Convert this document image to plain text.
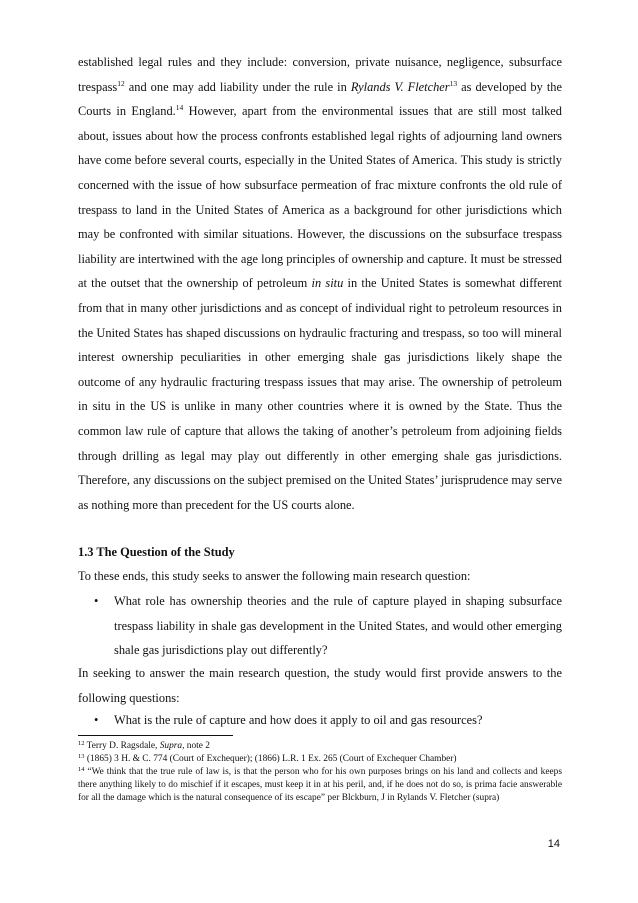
established legal rules and they include: conversion, private nuisance, negligence, subsurface trespass$^{12}$ and one may add liability under the rule in Rylands V. Fletcher$^{13}$ as developed by the Courts in England.$^{14}$ However, apart from the environmental issues that are still most talked about, issues about how the process confronts established legal rights of adjourning land owners have come before several courts, especially in the United States of America. This study is strictly concerned with the issue of how subsurface permeation of frac mixture confronts the old rule of trespass to land in the United States of America as a background for other jurisdictions which may be confronted with similar situations. However, the discussions on the subsurface trespass liability are intertwined with the age long principles of ownership and capture. It must be stressed at the outset that the ownership of petroleum in situ in the United States is somewhat different from that in many other jurisdictions and as concept of individual right to petroleum resources in the United States has shaped discussions on hydraulic fracturing and trespass, so too will mineral interest ownership peculiarities in other emerging shale gas jurisdictions likely shape the outcome of any hydraulic fracturing trespass issues that may arise. The ownership of petroleum in situ in the US is unlike in many other countries where it is owned by the State. Thus the common law rule of capture that allows the taking of another’s petroleum from adjoining fields through drilling as legal may play out differently in other emerging shale gas jurisdictions. Therefore, any discussions on the subject premised on the United States’ jurisprudence may serve as nothing more than precedent for the US courts alone.

1.3 The Question of the Study

To these ends, this study seeks to answer the following main research question:

• What role has ownership theories and the rule of capture played in shaping subsurface trespass liability in shale gas development in the United States, and would other emerging shale gas jurisdictions play out differently?

In seeking to answer the main research question, the study would first provide answers to the following questions:

• What is the rule of capture and how does it apply to oil and gas resources?

$^{12}$ Terry D. Ragsdale, Supra, note 2

$^{13}$ (1865) 3 H. & C. 774 (Court of Exchequer); (1866) L.R. 1 Ex. 265 (Court of Exchequer Chamber)

$^{14}$ “We think that the true rule of law is, is that the person who for his own purposes brings on his land and collects and keeps there anything likely to do mischief if it escapes, must keep it in at his peril, and, if he does not do so, is prima facie answerable for all the damage which is the natural consequence of its escape” per Blckburn, J in Rylands V. Fletcher (supra)

14
